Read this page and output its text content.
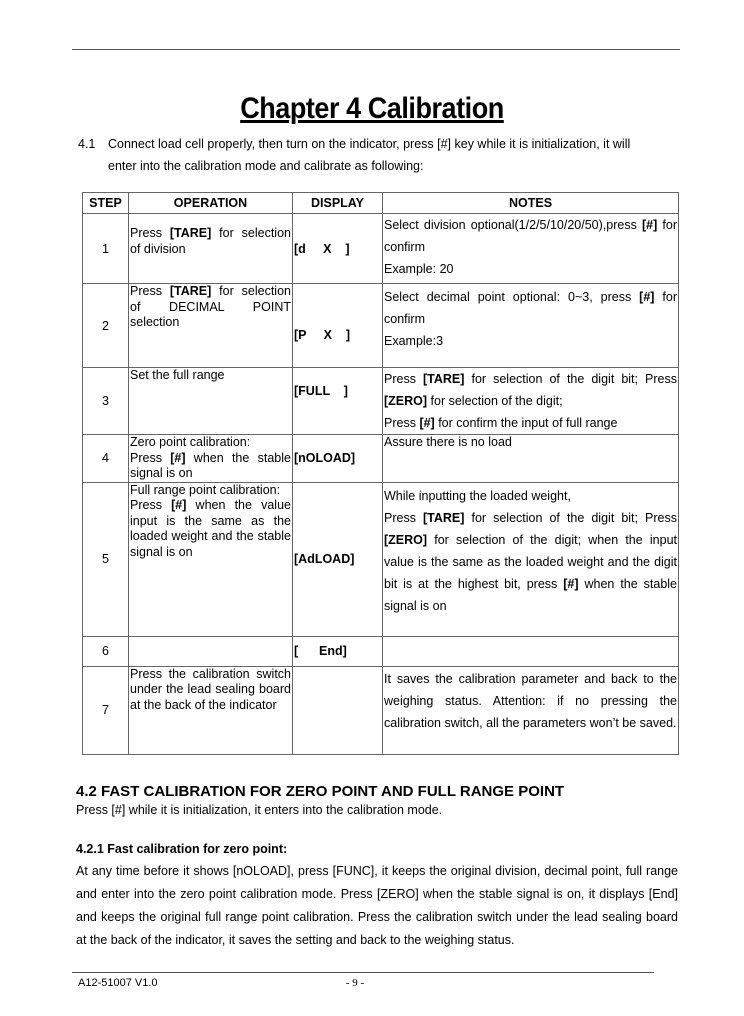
Chapter 4 Calibration
4.1 Connect load cell properly, then turn on the indicator, press [#] key while it is initialization, it will
enter into the calibration mode and calibrate as following:
STEP	OPERATION	DISPLAY	NOTES
1	Press [TARE] for selection of division	[d     X    ]	Select division optional(1/2/5/10/20/50),press [#] for confirm
Example: 20
2	Press [TARE] for selection of DECIMAL POINT selection	[P     X    ]	Select decimal point optional: 0~3, press [#] for confirm
Example:3
3	Set the full range	[FULL    ]	Press [TARE] for selection of the digit bit; Press [ZERO] for selection of the digit;
Press [#] for confirm the input of full range
4	Zero point calibration:
Press [#] when the stable signal is on	[nOLOAD]	Assure there is no load
5	Full range point calibration:
Press [#] when the value input is the same as the loaded weight and the stable signal is on	[AdLOAD]	While inputting the loaded weight,
Press [TARE] for selection of the digit bit; Press [ZERO] for selection of the digit; when the input value is the same as the loaded weight and the digit bit is at the highest bit, press [#] when the stable signal is on
6		[      End]	
7	Press the calibration switch under the lead sealing board at the back of the indicator		It saves the calibration parameter and back to the weighing status. Attention: if no pressing the calibration switch, all the parameters won’t be saved.
4.2 FAST CALIBRATION FOR ZERO POINT AND FULL RANGE POINT
Press [#] while it is initialization, it enters into the calibration mode.
4.2.1 Fast calibration for zero point:
At any time before it shows [nOLOAD], press [FUNC], it keeps the original division, decimal point, full range and enter into the zero point calibration mode. Press [ZERO] when the stable signal is on, it displays [End] and keeps the original full range point calibration. Press the calibration switch under the lead sealing board at the back of the indicator, it saves the setting and back to the weighing status.
A12-51007 V1.0	- 9 -
